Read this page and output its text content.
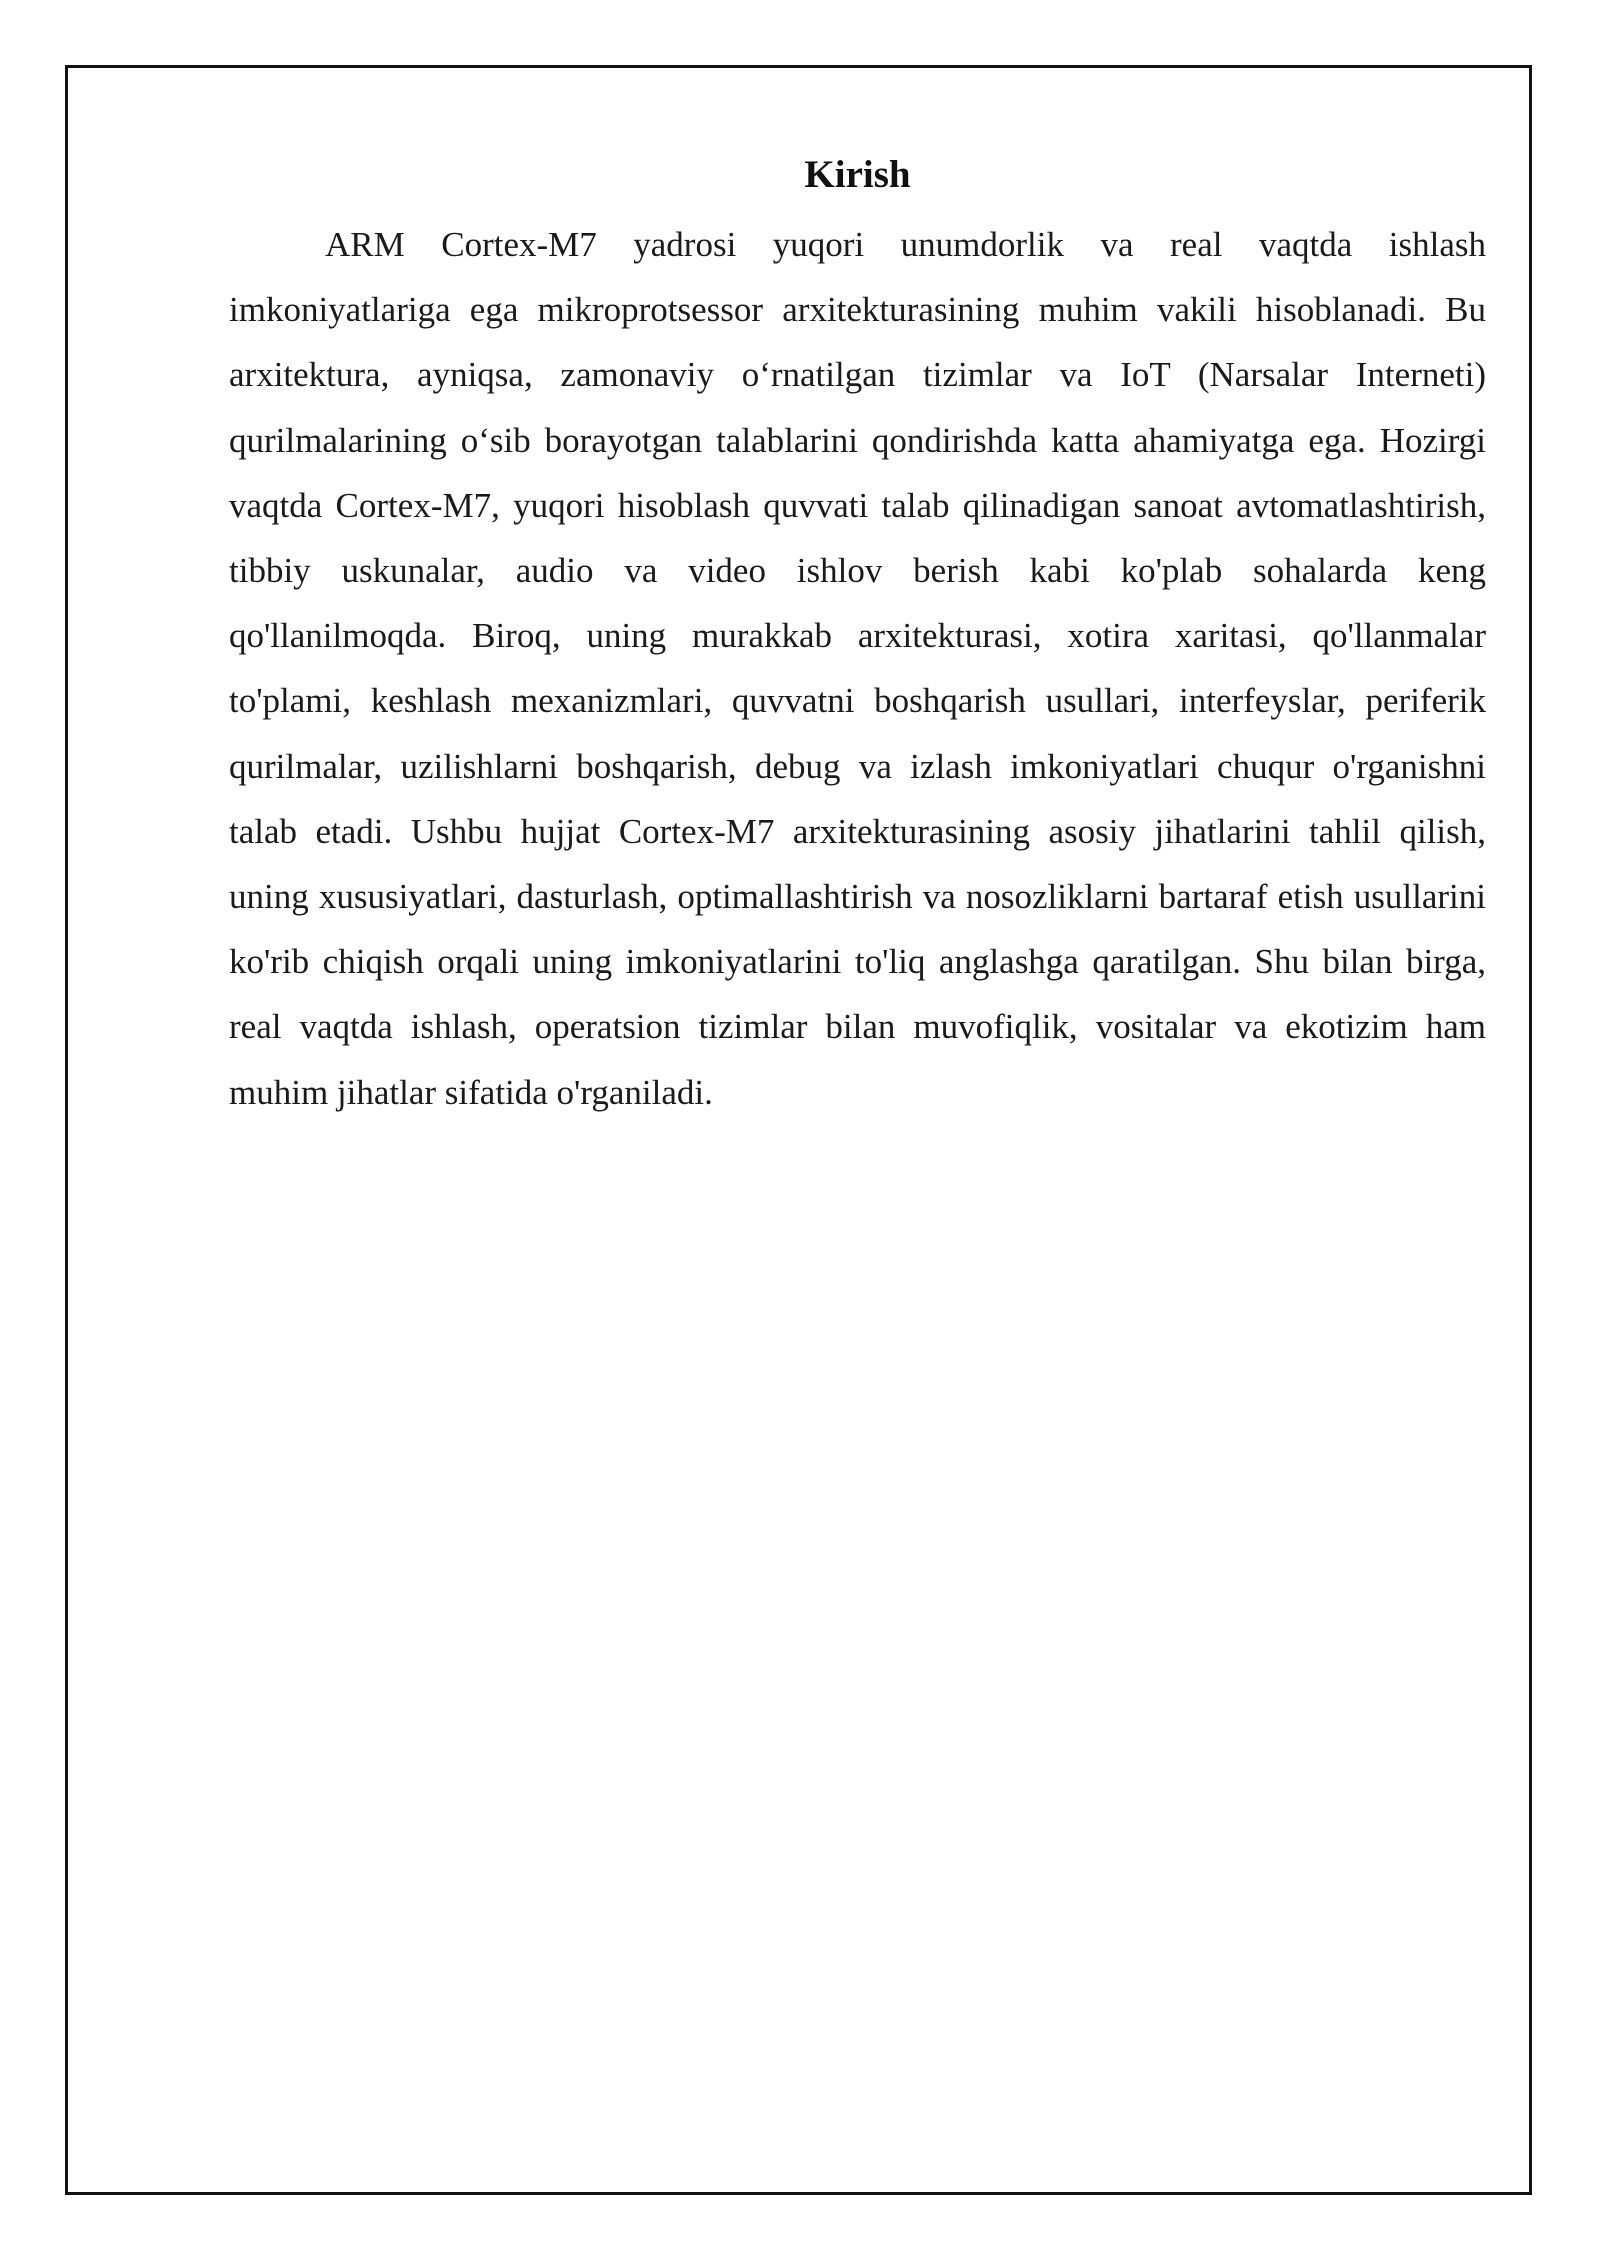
Kirish

ARM Cortex-M7 yadrosi yuqori unumdorlik va real vaqtda ishlash imkoniyatlariga ega mikroprotsessor arxitekturasining muhim vakili hisoblanadi. Bu arxitektura, ayniqsa, zamonaviy oʻrnatilgan tizimlar va IoT (Narsalar Interneti) qurilmalarining oʻsib borayotgan talablarini qondirishda katta ahamiyatga ega. Hozirgi vaqtda Cortex-M7, yuqori hisoblash quvvati talab qilinadigan sanoat avtomatlashtirish, tibbiy uskunalar, audio va video ishlov berish kabi ko'plab sohalarda keng qo'llanilmoqda. Biroq, uning murakkab arxitekturasi, xotira xaritasi, qo'llanmalar to'plami, keshlash mexanizmlari, quvvatni boshqarish usullari, interfeyslar, periferik qurilmalar, uzilishlarni boshqarish, debug va izlash imkoniyatlari chuqur o'rganishni talab etadi. Ushbu hujjat Cortex-M7 arxitekturasining asosiy jihatlarini tahlil qilish, uning xususiyatlari, dasturlash, optimallashtirish va nosozliklarni bartaraf etish usullarini ko'rib chiqish orqali uning imkoniyatlarini to'liq anglashga qaratilgan. Shu bilan birga, real vaqtda ishlash, operatsion tizimlar bilan muvofiqlik, vositalar va ekotizim ham muhim jihatlar sifatida o'rganiladi.
